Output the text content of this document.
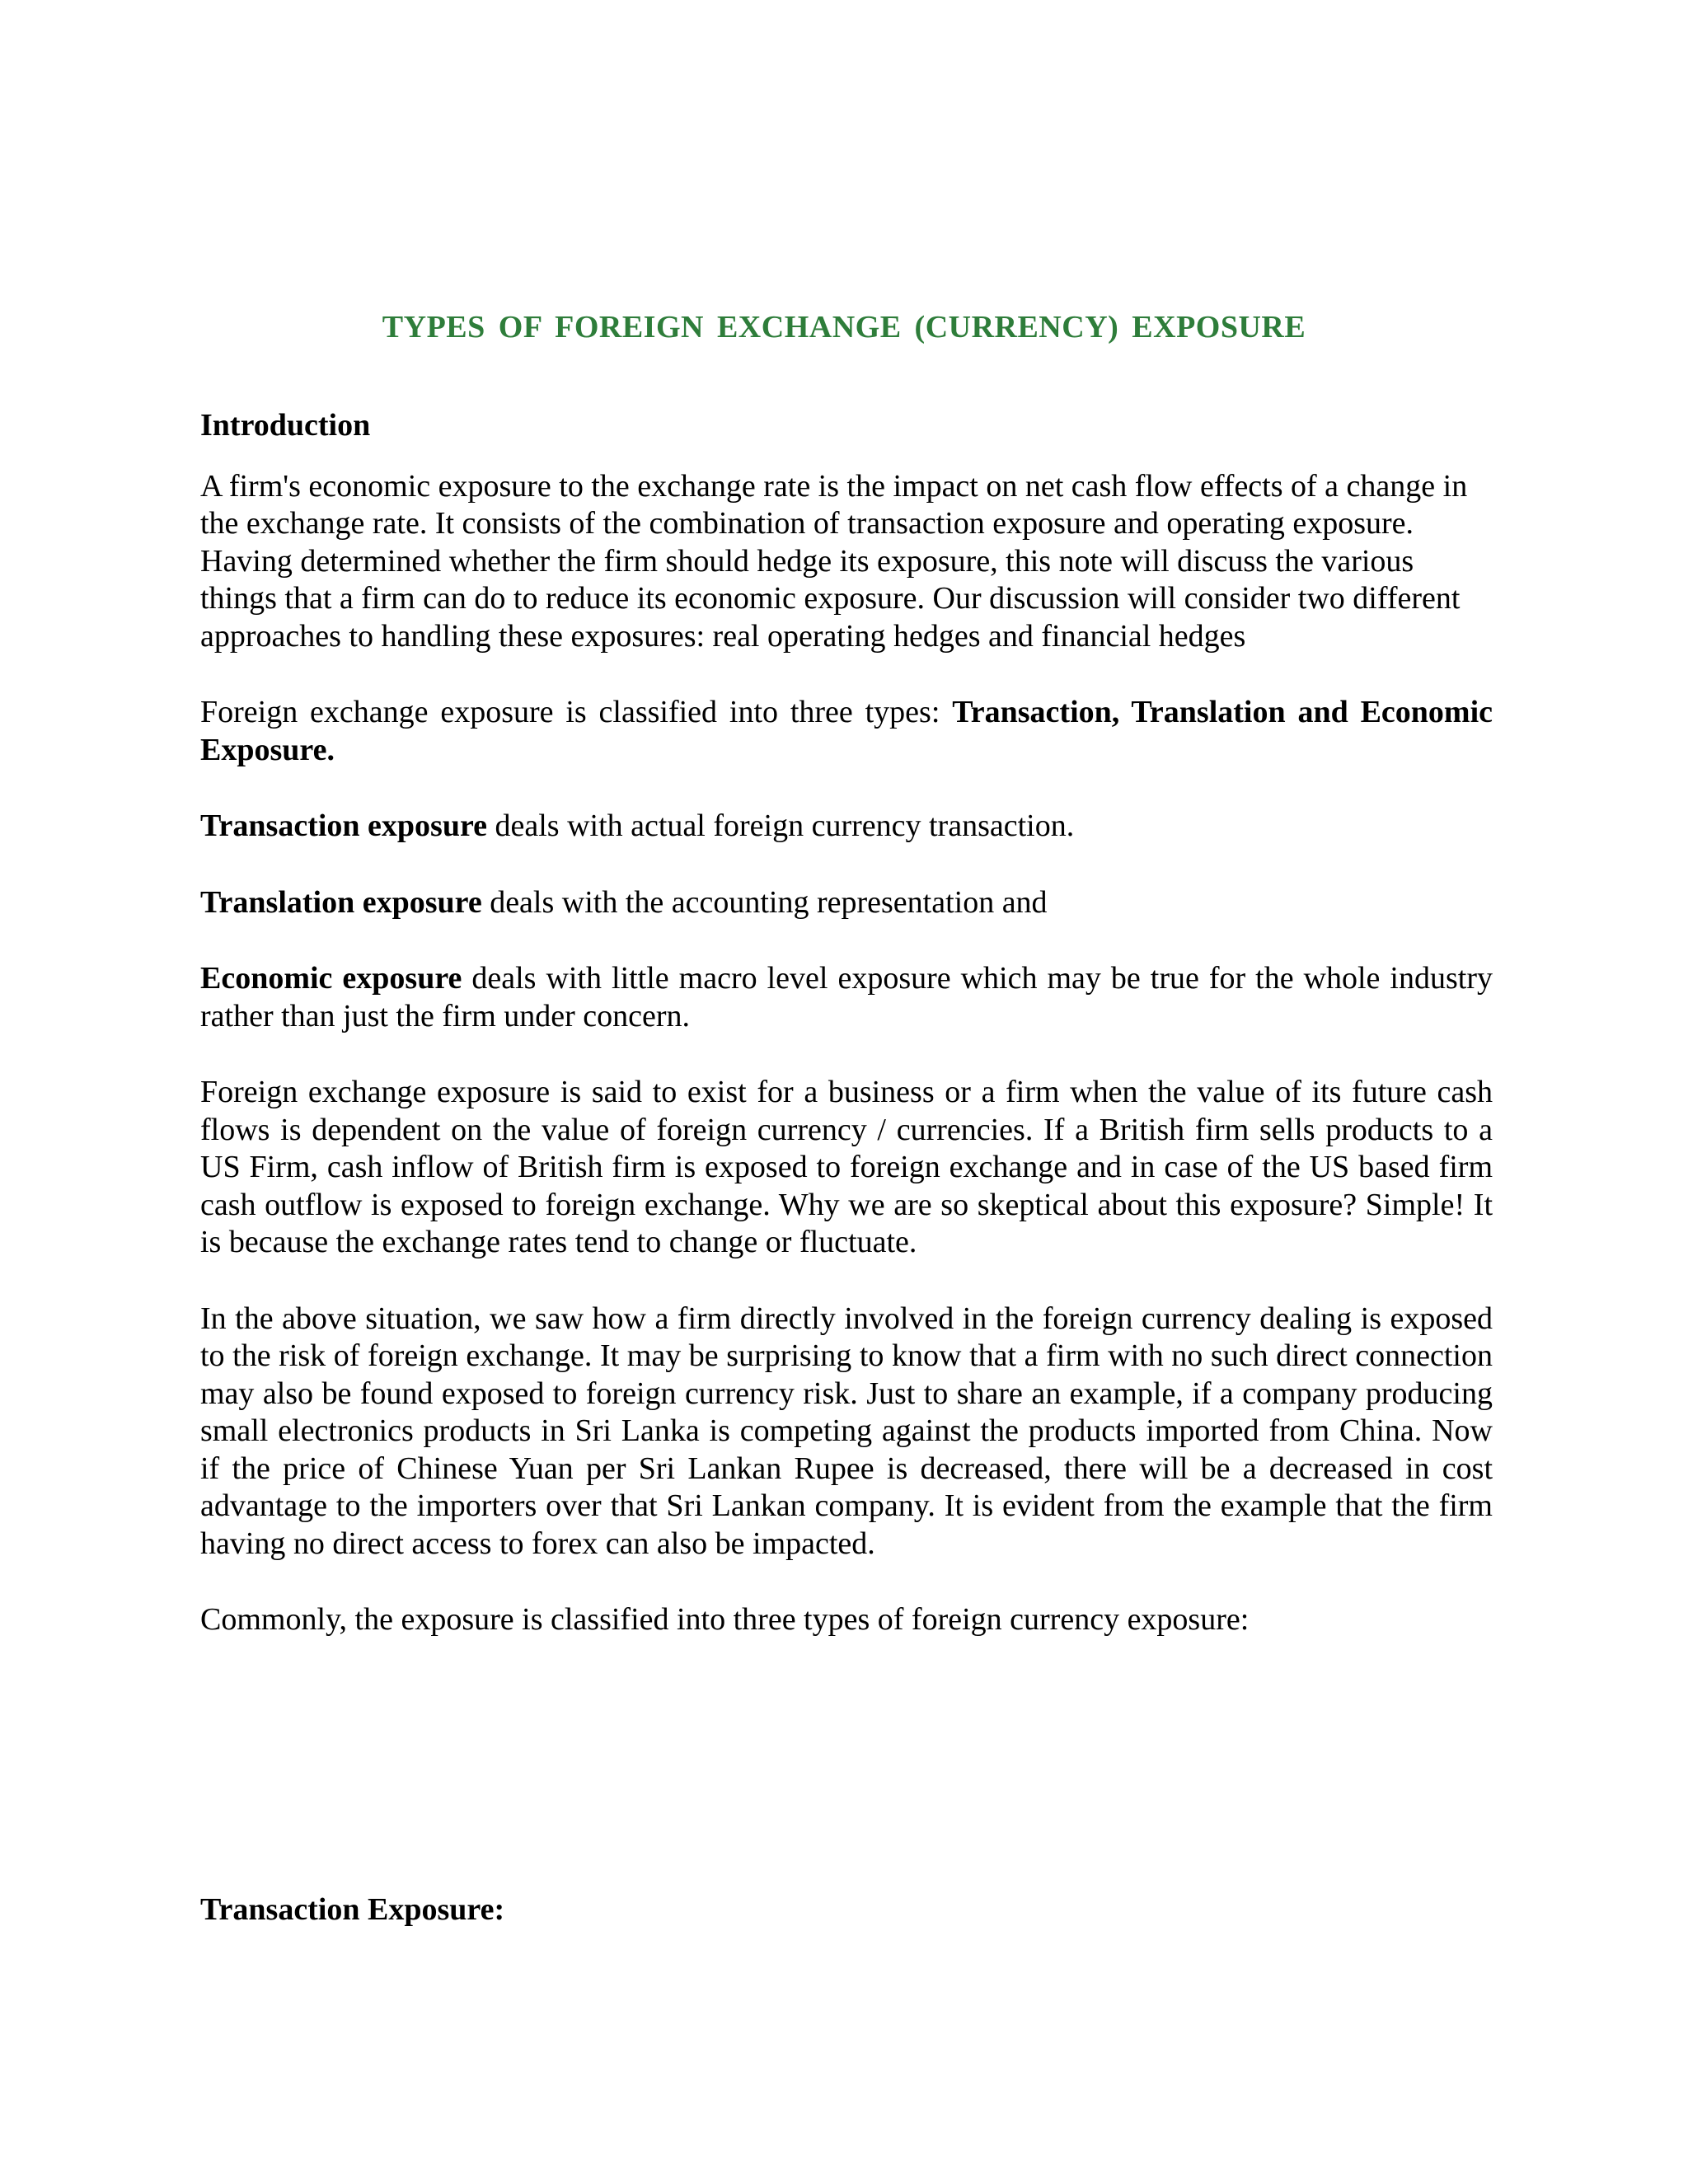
TYPES OF FOREIGN EXCHANGE (CURRENCY) EXPOSURE

Introduction

A firm's economic exposure to the exchange rate is the impact on net cash flow effects of a change in the exchange rate. It consists of the combination of transaction exposure and operating exposure. Having determined whether the firm should hedge its exposure, this note will discuss the various things that a firm can do to reduce its economic exposure. Our discussion will consider two different approaches to handling these exposures: real operating hedges and financial hedges

Foreign exchange exposure is classified into three types: Transaction, Translation and Economic Exposure.

Transaction exposure deals with actual foreign currency transaction.

Translation exposure deals with the accounting representation and

Economic exposure deals with little macro level exposure which may be true for the whole industry rather than just the firm under concern.

Foreign exchange exposure is said to exist for a business or a firm when the value of its future cash flows is dependent on the value of foreign currency / currencies. If a British firm sells products to a US Firm, cash inflow of British firm is exposed to foreign exchange and in case of the US based firm cash outflow is exposed to foreign exchange. Why we are so skeptical about this exposure? Simple! It is because the exchange rates tend to change or fluctuate.

In the above situation, we saw how a firm directly involved in the foreign currency dealing is exposed to the risk of foreign exchange. It may be surprising to know that a firm with no such direct connection may also be found exposed to foreign currency risk. Just to share an example, if a company producing small electronics products in Sri Lanka is competing against the products imported from China. Now if the price of Chinese Yuan per Sri Lankan Rupee is decreased, there will be a decreased in cost advantage to the importers over that Sri Lankan company. It is evident from the example that the firm having no direct access to forex can also be impacted.

Commonly, the exposure is classified into three types of foreign currency exposure:

Transaction Exposure:
